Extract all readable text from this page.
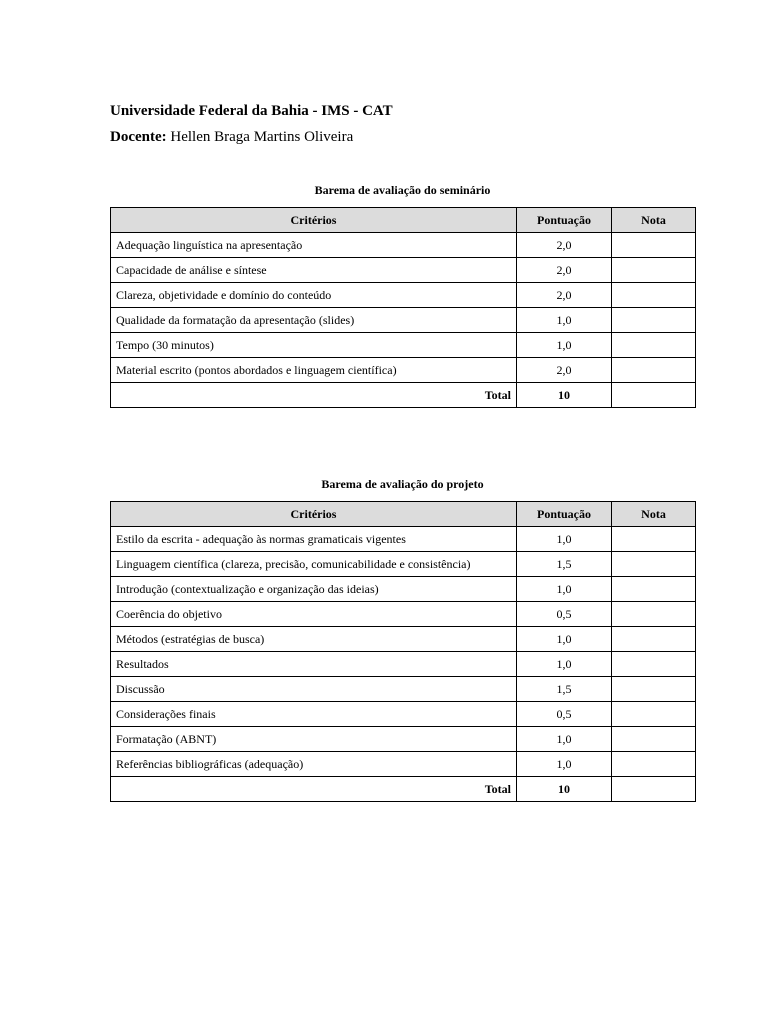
Universidade Federal da Bahia - IMS - CAT
Docente: Hellen Braga Martins Oliveira
Barema de avaliação do seminário
Critérios	Pontuação	Nota
Adequação linguística na apresentação	2,0	
Capacidade de análise e síntese	2,0	
Clareza, objetividade e domínio do conteúdo	2,0	
Qualidade da formatação da apresentação (slides)	1,0	
Tempo (30 minutos)	1,0	
Material escrito (pontos abordados e linguagem científica)	2,0	
Total	10	
Barema de avaliação do projeto
Critérios	Pontuação	Nota
Estilo da escrita - adequação às normas gramaticais vigentes	1,0	
Linguagem científica (clareza, precisão, comunicabilidade e consistência)	1,5	
Introdução (contextualização e organização das ideias)	1,0	
Coerência do objetivo	0,5	
Métodos (estratégias de busca)	1,0	
Resultados	1,0	
Discussão	1,5	
Considerações finais	0,5	
Formatação (ABNT)	1,0	
Referências bibliográficas (adequação)	1,0	
Total	10	
